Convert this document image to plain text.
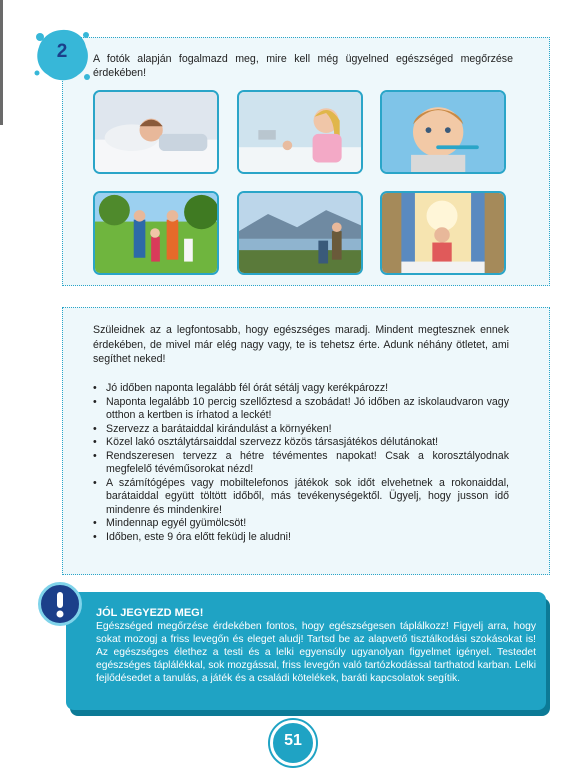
2	A fotók alapján fogalmazd meg, mire kell még ügyelned egészséged megőrzése érdekében!
Szüleidnek az a legfontosabb, hogy egészséges maradj. Mindent megtesznek ennek érdekében, de mivel már elég nagy vagy, te is tehetsz érte. Adunk néhány ötletet, ami segíthet neked!
• Jó időben naponta legalább fél órát sétálj vagy kerékpározz!
• Naponta legalább 10 percig szellőztesd a szobádat! Jó időben az iskolaudvaron vagy otthon a kertben is írhatod a leckét!
• Szervezz a barátaiddal kirándulást a környéken!
• Közel lakó osztálytársaiddal szervezz közös társasjátékos délutánokat!
• Rendszeresen tervezz a hétre tévémentes napokat! Csak a korosztályodnak megfelelő tévéműsorokat nézd!
• A számítógépes vagy mobiltelefonos játékok sok időt elvehetnek a rokonaiddal, barátaiddal együtt töltött időből, más tevékenységektől. Ügyelj, hogy jusson idő mindenre és mindenkire!
• Mindennap egyél gyümölcsöt!
• Időben, este 9 óra előtt feküdj le aludni!
JÓL JEGYEZD MEG!
Egészséged megőrzése érdekében fontos, hogy egészségesen táplálkozz! Figyelj arra, hogy sokat mozogj a friss levegőn és eleget aludj! Tartsd be az alapvető tisztálkodási szokásokat is! Az egészséges élethez a testi és a lelki egyensúly ugyanolyan figyelmet igényel. Testedet egészséges táplálékkal, sok mozgással, friss levegőn való tartózkodással tarthatod karban. Lelki fejlődésedet a tanulás, a játék és a családi kötelékek, baráti kapcsolatok segítik.
51
